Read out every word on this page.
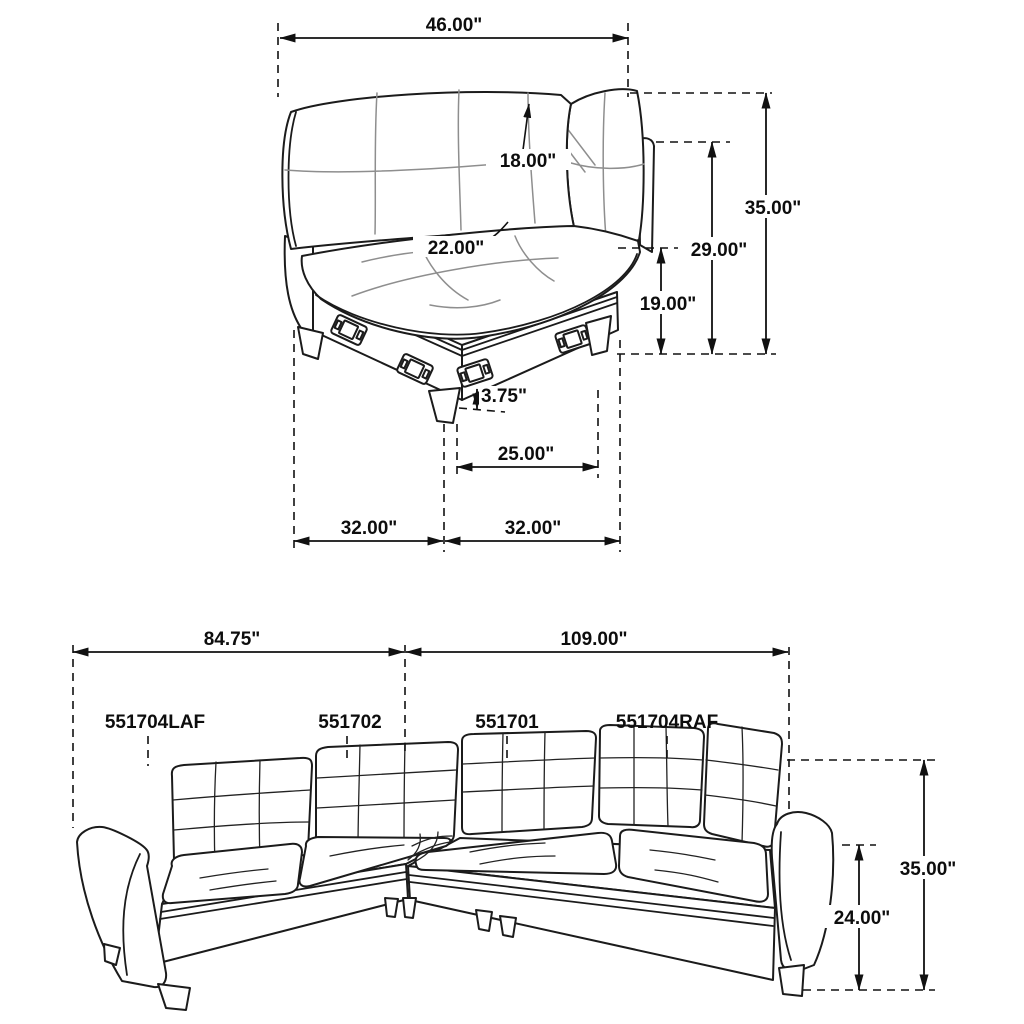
46.00"
35.00"
29.00"
19.00"
18.00"
22.00"
3.75"
25.00"
32.00"	32.00"
84.75"	109.00"
551704LAF	551702	551701	551704RAF
35.00"
24.00"
